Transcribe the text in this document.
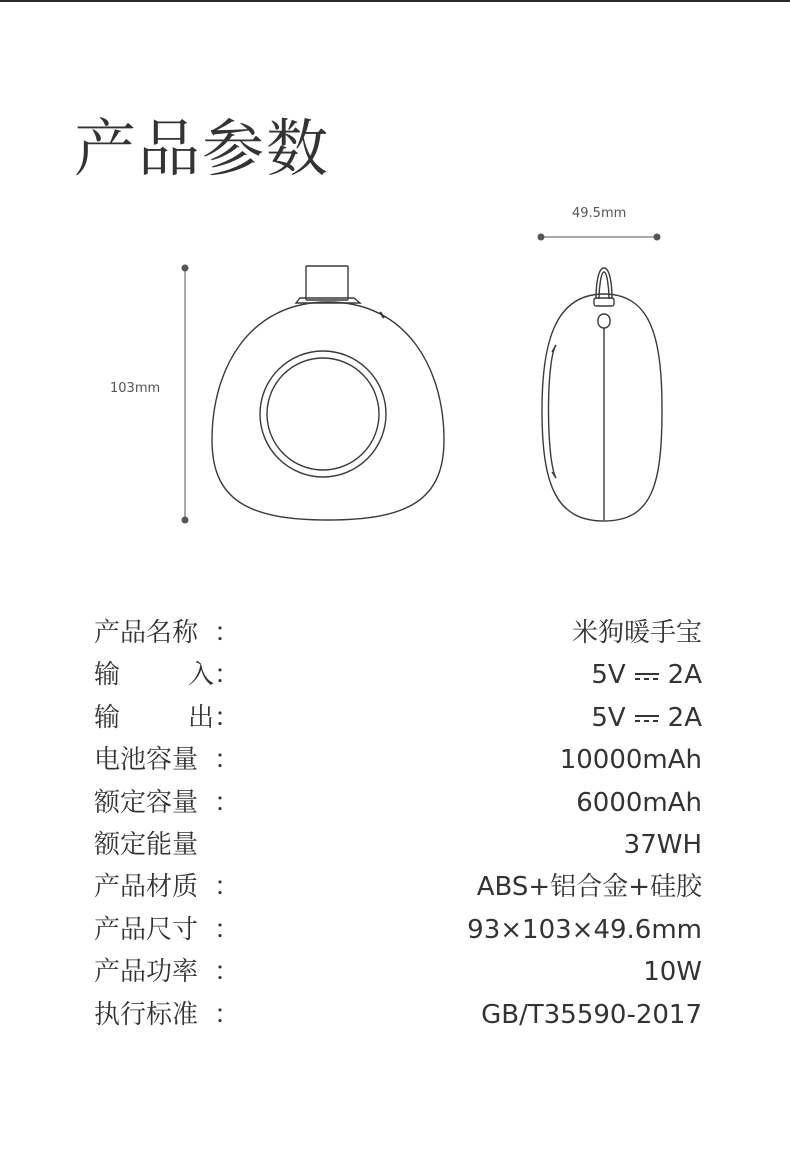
产品参数
49.5mm
103mm
产品名称 ：	米狗暖手宝
输	入 ：	5V 2A
输	出 ：	5V 2A
电池容量 ：	10000mAh
额定容量 ：	6000mAh
额定能量	37WH
产品材质 ：	ABS+铝合金+硅胶
产品尺寸 ：	93×103×49.6mm
产品功率 ：	10W
执行标准 ：	GB/T35590-2017
